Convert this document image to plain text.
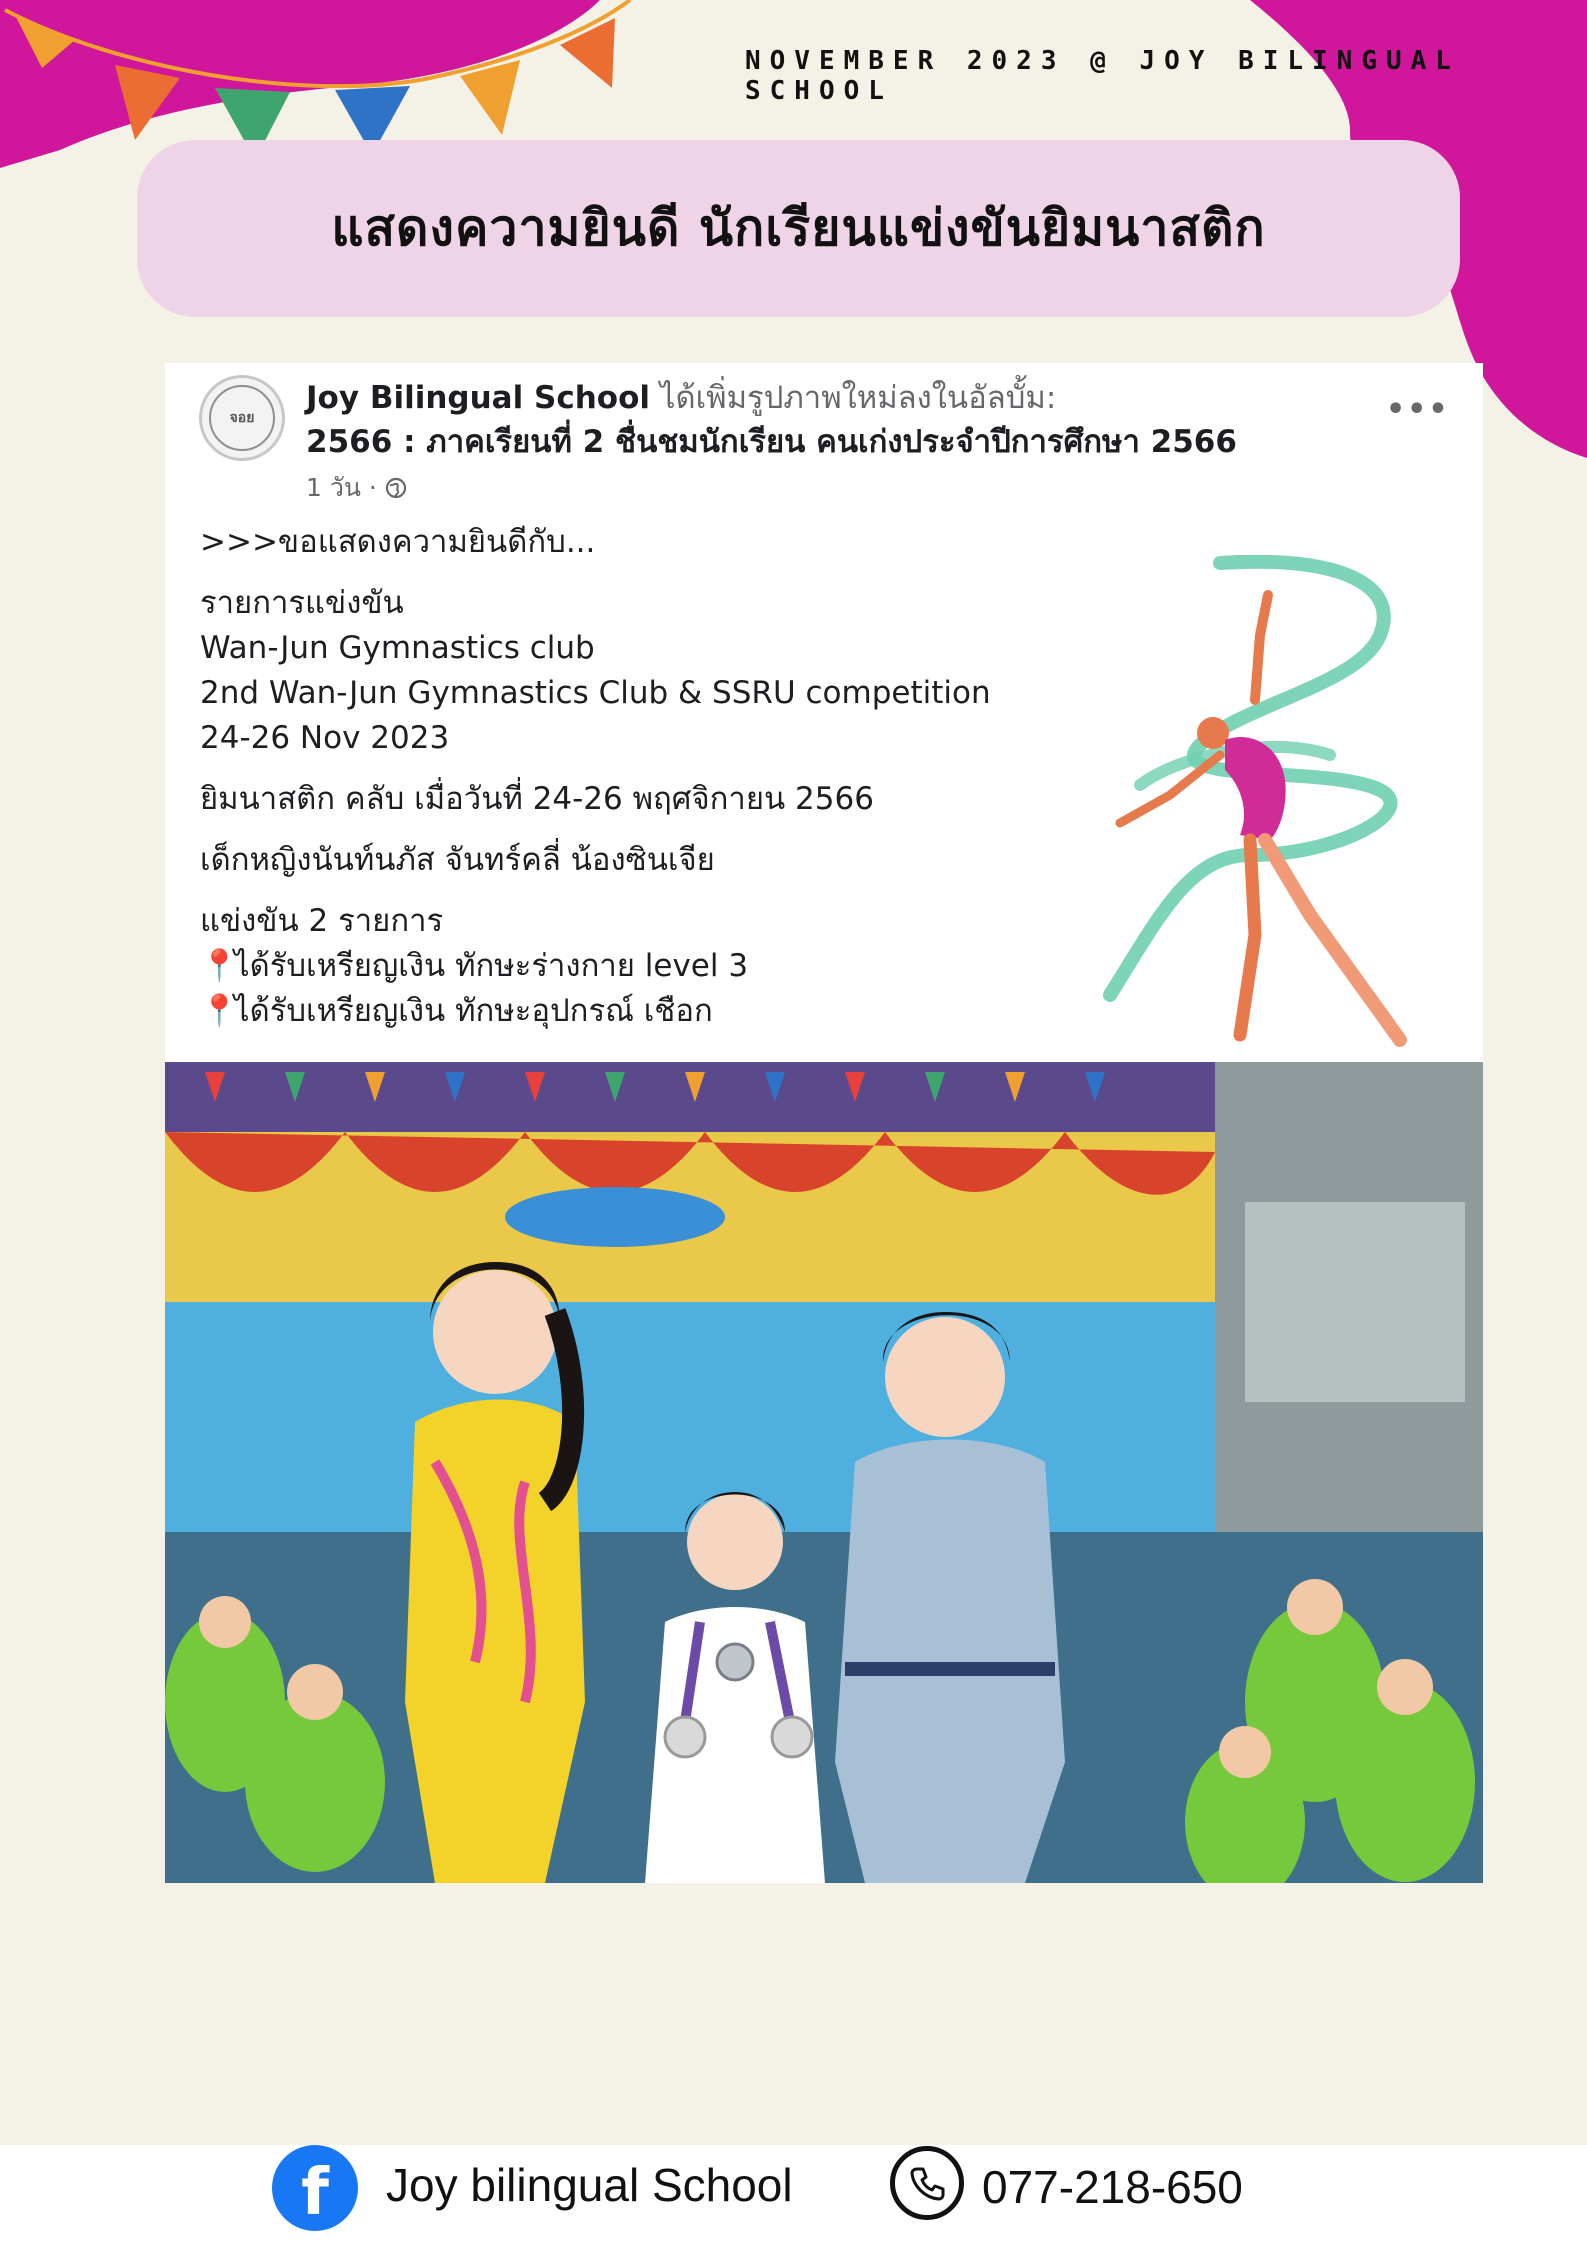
NOVEMBER 2023 @ JOY BILINGUAL SCHOOL
แสดงความยินดี นักเรียนแข่งขันยิมนาสติก
จอย
Joy Bilingual School ได้เพิ่มรูปภาพใหม่ลงในอัลบั้ม:
2566 : ภาคเรียนที่ 2 ชื่นชมนักเรียน คนเก่งประจำปีการศึกษา 2566
1 วัน ·
•••

>>>ขอแสดงความยินดีกับ...

รายการแข่งขัน

Wan-Jun Gymnastics club

2nd Wan-Jun Gymnastics Club & SSRU competition

24-26 Nov 2023

ยิมนาสติก คลับ เมื่อวันที่ 24-26 พฤศจิกายน 2566

เด็กหญิงนันท์นภัส จันทร์คลี่ น้องซินเจีย

แข่งขัน 2 รายการ

📍ได้รับเหรียญเงิน ทักษะร่างกาย level 3

📍ได้รับเหรียญเงิน ทักษะอุปกรณ์ เชือก

f Joy bilingual School	077-218-650
